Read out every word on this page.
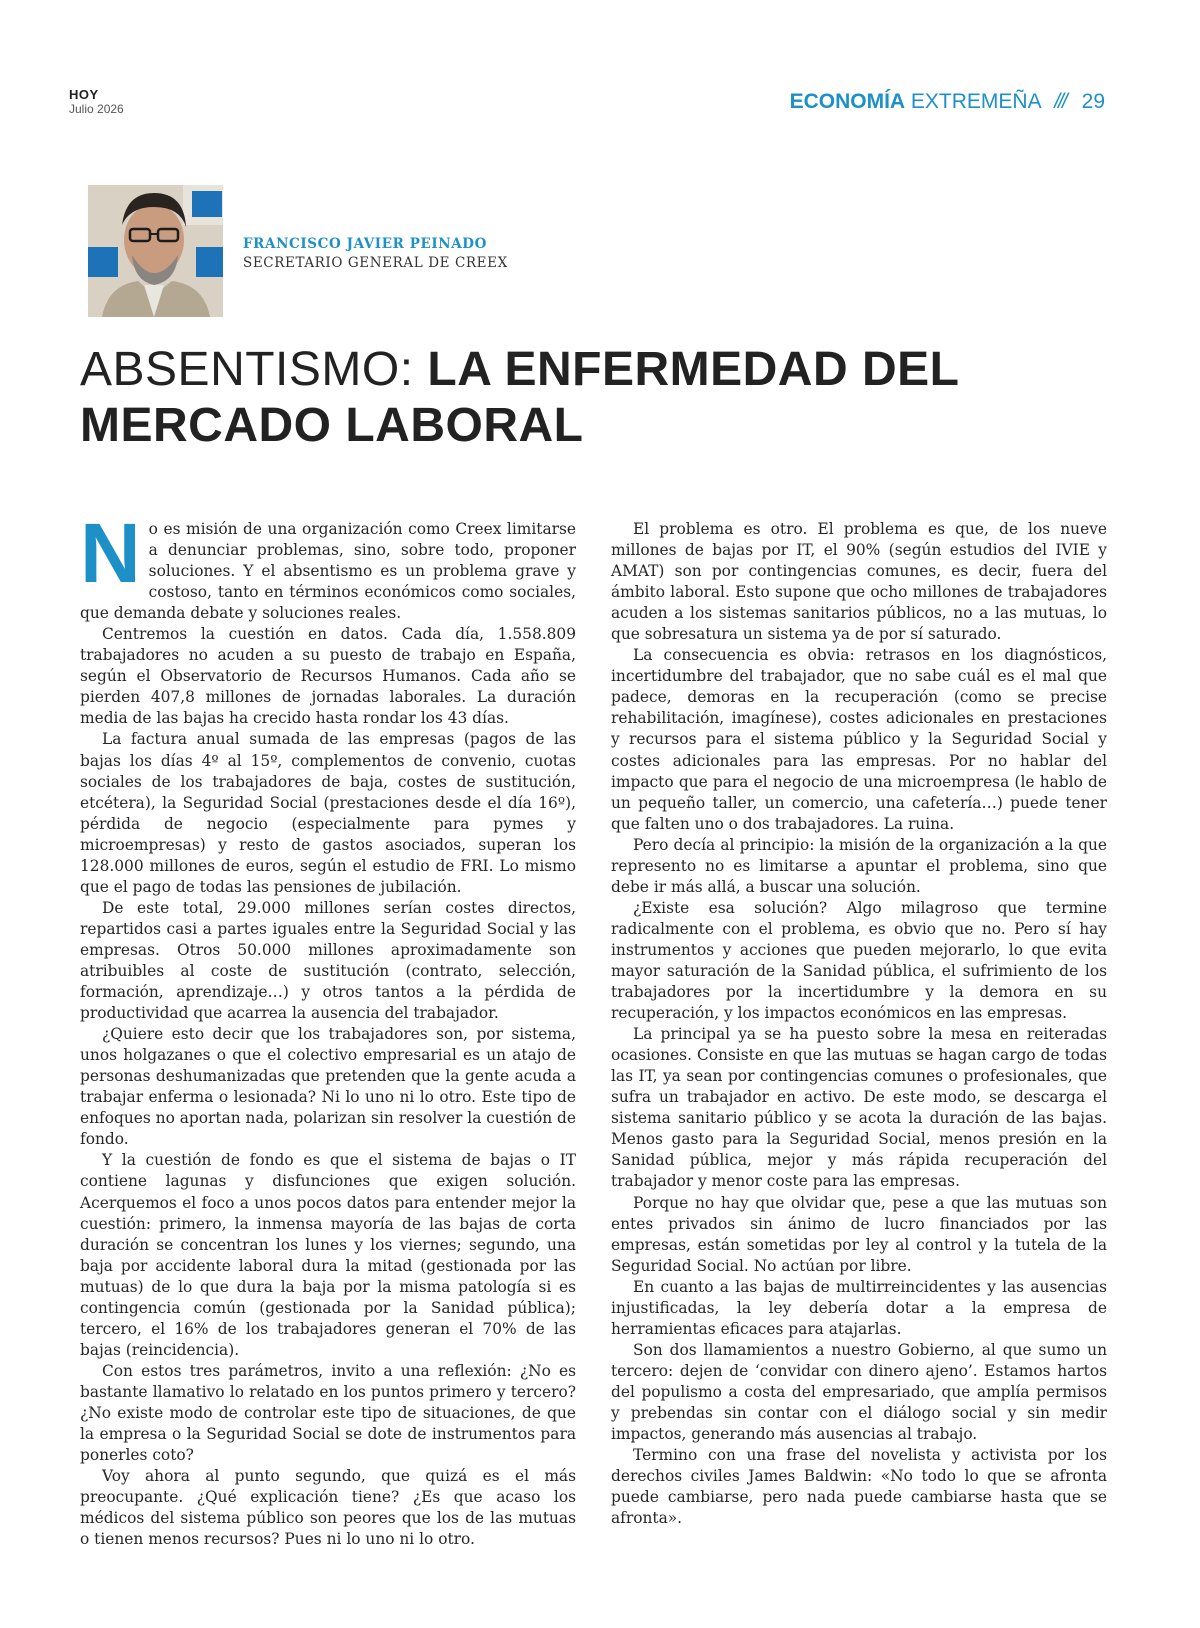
HOY
Julio 2026	ECONOMÍA EXTREMEÑA /// 29
FRANCISCO JAVIER PEINADO
SECRETARIO GENERAL DE CREEX
ABSENTISMO: LA ENFERMEDAD DEL MERCADO LABORAL

No es misión de una organización como Creex limitarse a denunciar problemas, sino, sobre todo, proponer soluciones. Y el absentismo es un problema grave y costoso, tanto en términos económicos como sociales, que demanda debate y soluciones reales.

Centremos la cuestión en datos. Cada día, 1.558.809 trabajadores no acuden a su puesto de trabajo en España, según el Observatorio de Recursos Humanos. Cada año se pierden 407,8 millones de jornadas laborales. La duración media de las bajas ha crecido hasta rondar los 43 días.

La factura anual sumada de las empresas (pagos de las bajas los días 4º al 15º, complementos de convenio, cuotas sociales de los trabajadores de baja, costes de sustitución, etcétera), la Seguridad Social (prestaciones desde el día 16º), pérdida de negocio (especialmente para pymes y microempresas) y resto de gastos asociados, superan los 128.000 millones de euros, según el estudio de FRI. Lo mismo que el pago de todas las pensiones de jubilación.

De este total, 29.000 millones serían costes directos, repartidos casi a partes iguales entre la Seguridad Social y las empresas. Otros 50.000 millones aproximadamente son atribuibles al coste de sustitución (contrato, selección, formación, aprendizaje…) y otros tantos a la pérdida de productividad que acarrea la ausencia del trabajador.

¿Quiere esto decir que los trabajadores son, por sistema, unos holgazanes o que el colectivo empresarial es un atajo de personas deshumanizadas que pretenden que la gente acuda a trabajar enferma o lesionada? Ni lo uno ni lo otro. Este tipo de enfoques no aportan nada, polarizan sin resolver la cuestión de fondo.

Y la cuestión de fondo es que el sistema de bajas o IT contiene lagunas y disfunciones que exigen solución. Acerquemos el foco a unos pocos datos para entender mejor la cuestión: primero, la inmensa mayoría de las bajas de corta duración se concentran los lunes y los viernes; segundo, una baja por accidente laboral dura la mitad (gestionada por las mutuas) de lo que dura la baja por la misma patología si es contingencia común (gestionada por la Sanidad pública); tercero, el 16% de los trabajadores generan el 70% de las bajas (reincidencia).

Con estos tres parámetros, invito a una reflexión: ¿No es bastante llamativo lo relatado en los puntos primero y tercero? ¿No existe modo de controlar este tipo de situaciones, de que la empresa o la Seguridad Social se dote de instrumentos para ponerles coto?

Voy ahora al punto segundo, que quizá es el más preocupante. ¿Qué explicación tiene? ¿Es que acaso los médicos del sistema público son peores que los de las mutuas o tienen menos recursos? Pues ni lo uno ni lo otro.

El problema es otro. El problema es que, de los nueve millones de bajas por IT, el 90% (según estudios del IVIE y AMAT) son por contingencias comunes, es decir, fuera del ámbito laboral. Esto supone que ocho millones de trabajadores acuden a los sistemas sanitarios públicos, no a las mutuas, lo que sobresatura un sistema ya de por sí saturado.

La consecuencia es obvia: retrasos en los diagnósticos, incertidumbre del trabajador, que no sabe cuál es el mal que padece, demoras en la recuperación (como se precise rehabilitación, imagínese), costes adicionales en prestaciones y recursos para el sistema público y la Seguridad Social y costes adicionales para las empresas. Por no hablar del impacto que para el negocio de una microempresa (le hablo de un pequeño taller, un comercio, una cafetería…) puede tener que falten uno o dos trabajadores. La ruina.

Pero decía al principio: la misión de la organización a la que represento no es limitarse a apuntar el problema, sino que debe ir más allá, a buscar una solución.

¿Existe esa solución? Algo milagroso que termine radicalmente con el problema, es obvio que no. Pero sí hay instrumentos y acciones que pueden mejorarlo, lo que evita mayor saturación de la Sanidad pública, el sufrimiento de los trabajadores por la incertidumbre y la demora en su recuperación, y los impactos económicos en las empresas.

La principal ya se ha puesto sobre la mesa en reiteradas ocasiones. Consiste en que las mutuas se hagan cargo de todas las IT, ya sean por contingencias comunes o profesionales, que sufra un trabajador en activo. De este modo, se descarga el sistema sanitario público y se acota la duración de las bajas. Menos gasto para la Seguridad Social, menos presión en la Sanidad pública, mejor y más rápida recuperación del trabajador y menor coste para las empresas.

Porque no hay que olvidar que, pese a que las mutuas son entes privados sin ánimo de lucro financiados por las empresas, están sometidas por ley al control y la tutela de la Seguridad Social. No actúan por libre.

En cuanto a las bajas de multirreincidentes y las ausencias injustificadas, la ley debería dotar a la empresa de herramientas eficaces para atajarlas.

Son dos llamamientos a nuestro Gobierno, al que sumo un tercero: dejen de ‘convidar con dinero ajeno’. Estamos hartos del populismo a costa del empresariado, que amplía permisos y prebendas sin contar con el diálogo social y sin medir impactos, generando más ausencias al trabajo.

Termino con una frase del novelista y activista por los derechos civiles James Baldwin: «No todo lo que se afronta puede cambiarse, pero nada puede cambiarse hasta que se afronta».
